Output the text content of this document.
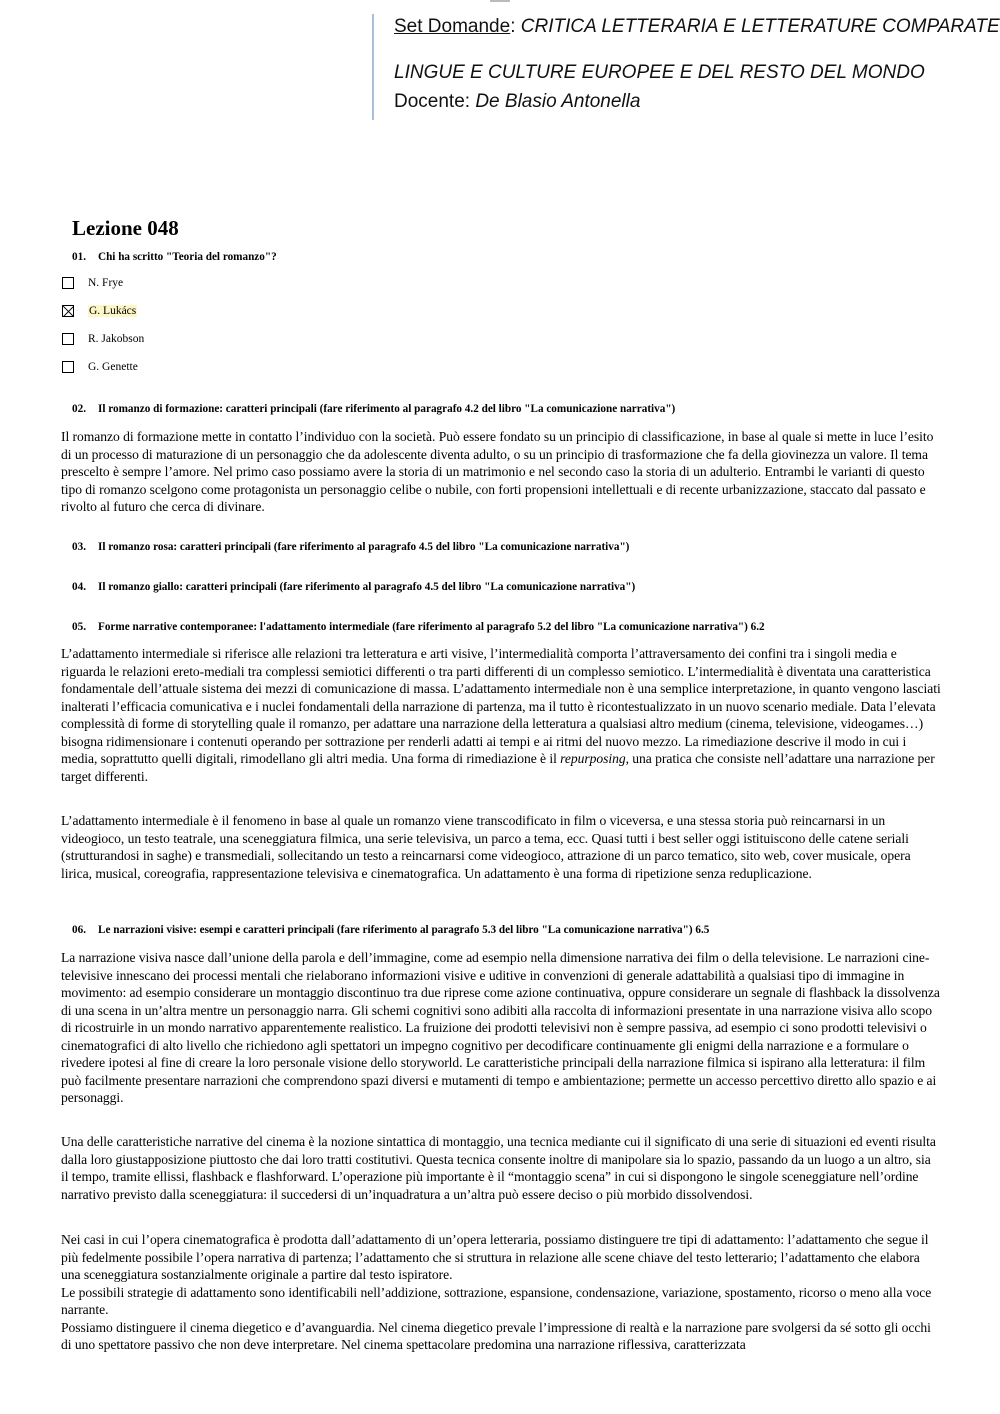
Set Domande: CRITICA LETTERARIA E LETTERATURE COMPARATE
LINGUE E CULTURE EUROPEE E DEL RESTO DEL MONDO
Docente: De Blasio Antonella
Lezione 048
01. Chi ha scritto "Teoria del romanzo"?
N. Frye
G. Lukács
R. Jakobson
G. Genette
02. Il romanzo di formazione: caratteri principali (fare riferimento al paragrafo 4.2 del libro "La comunicazione narrativa")

Il romanzo di formazione mette in contatto l’individuo con la società. Può essere fondato su un principio di classificazione, in base al quale si mette in luce l’esito di un processo di maturazione di un personaggio che da adolescente diventa adulto, o su un principio di trasformazione che fa della giovinezza un valore. Il tema prescelto è sempre l’amore. Nel primo caso possiamo avere la storia di un matrimonio e nel secondo caso la storia di un adulterio. Entrambi le varianti di questo tipo di romanzo scelgono come protagonista un personaggio celibe o nubile, con forti propensioni intellettuali e di recente urbanizzazione, staccato dal passato e rivolto al futuro che cerca di divinare.

03. Il romanzo rosa: caratteri principali (fare riferimento al paragrafo 4.5 del libro "La comunicazione narrativa")
04. Il romanzo giallo: caratteri principali (fare riferimento al paragrafo 4.5 del libro "La comunicazione narrativa")
05. Forme narrative contemporanee: l'adattamento intermediale (fare riferimento al paragrafo 5.2 del libro "La comunicazione narrativa") 6.2

L’adattamento intermediale si riferisce alle relazioni tra letteratura e arti visive, l’intermedialità comporta l’attraversamento dei confini tra i singoli media e riguarda le relazioni ereto-mediali tra complessi semiotici differenti o tra parti differenti di un complesso semiotico. L’intermedialità è diventata una caratteristica fondamentale dell’attuale sistema dei mezzi di comunicazione di massa. L’adattamento intermediale non è una semplice interpretazione, in quanto vengono lasciati inalterati l’efficacia comunicativa e i nuclei fondamentali della narrazione di partenza, ma il tutto è ricontestualizzato in un nuovo scenario mediale. Data l’elevata complessità di forme di storytelling quale il romanzo, per adattare una narrazione della letteratura a qualsiasi altro medium (cinema, televisione, videogames…) bisogna ridimensionare i contenuti operando per sottrazione per renderli adatti ai tempi e ai ritmi del nuovo mezzo. La rimediazione descrive il modo in cui i media, soprattutto quelli digitali, rimodellano gli altri media. Una forma di rimediazione è il repurposing, una pratica che consiste nell’adattare una narrazione per target differenti.

L’adattamento intermediale è il fenomeno in base al quale un romanzo viene transcodificato in film o viceversa, e una stessa storia può reincarnarsi in un videogioco, un testo teatrale, una sceneggiatura filmica, una serie televisiva, un parco a tema, ecc. Quasi tutti i best seller oggi istituiscono delle catene seriali (strutturandosi in saghe) e transmediali, sollecitando un testo a reincarnarsi come videogioco, attrazione di un parco tematico, sito web, cover musicale, opera lirica, musical, coreografia, rappresentazione televisiva e cinematografica. Un adattamento è una forma di ripetizione senza reduplicazione.

06. Le narrazioni visive: esempi e caratteri principali (fare riferimento al paragrafo 5.3 del libro "La comunicazione narrativa") 6.5

La narrazione visiva nasce dall’unione della parola e dell’immagine, come ad esempio nella dimensione narrativa dei film o della televisione. Le narrazioni cine-televisive innescano dei processi mentali che rielaborano informazioni visive e uditive in convenzioni di generale adattabilità a qualsiasi tipo di immagine in movimento: ad esempio considerare un montaggio discontinuo tra due riprese come azione continuativa, oppure considerare un segnale di flashback la dissolvenza di una scena in un’altra mentre un personaggio narra. Gli schemi cognitivi sono adibiti alla raccolta di informazioni presentate in una narrazione visiva allo scopo di ricostruirle in un mondo narrativo apparentemente realistico. La fruizione dei prodotti televisivi non è sempre passiva, ad esempio ci sono prodotti televisivi o cinematografici di alto livello che richiedono agli spettatori un impegno cognitivo per decodificare continuamente gli enigmi della narrazione e a formulare o rivedere ipotesi al fine di creare la loro personale visione dello storyworld. Le caratteristiche principali della narrazione filmica si ispirano alla letteratura: il film può facilmente presentare narrazioni che comprendono spazi diversi e mutamenti di tempo e ambientazione; permette un accesso percettivo diretto allo spazio e ai personaggi.

Una delle caratteristiche narrative del cinema è la nozione sintattica di montaggio, una tecnica mediante cui il significato di una serie di situazioni ed eventi risulta dalla loro giustapposizione piuttosto che dai loro tratti costitutivi. Questa tecnica consente inoltre di manipolare sia lo spazio, passando da un luogo a un altro, sia il tempo, tramite ellissi, flashback e flashforward. L’operazione più importante è il “montaggio scena” in cui si dispongono le singole sceneggiature nell’ordine narrativo previsto dalla sceneggiatura: il succedersi di un’inquadratura a un’altra può essere deciso o più morbido dissolvendosi.

Nei casi in cui l’opera cinematografica è prodotta dall’adattamento di un’opera letteraria, possiamo distinguere tre tipi di adattamento: l’adattamento che segue il più fedelmente possibile l’opera narrativa di partenza; l’adattamento che si struttura in relazione alle scene chiave del testo letterario; l’adattamento che elabora una sceneggiatura sostanzialmente originale a partire dal testo ispiratore.
Le possibili strategie di adattamento sono identificabili nell’addizione, sottrazione, espansione, condensazione, variazione, spostamento, ricorso o meno alla voce narrante.
Possiamo distinguere il cinema diegetico e d’avanguardia. Nel cinema diegetico prevale l’impressione di realtà e la narrazione pare svolgersi da sé sotto gli occhi di uno spettatore passivo che non deve interpretare. Nel cinema spettacolare predomina una narrazione riflessiva, caratterizzata
